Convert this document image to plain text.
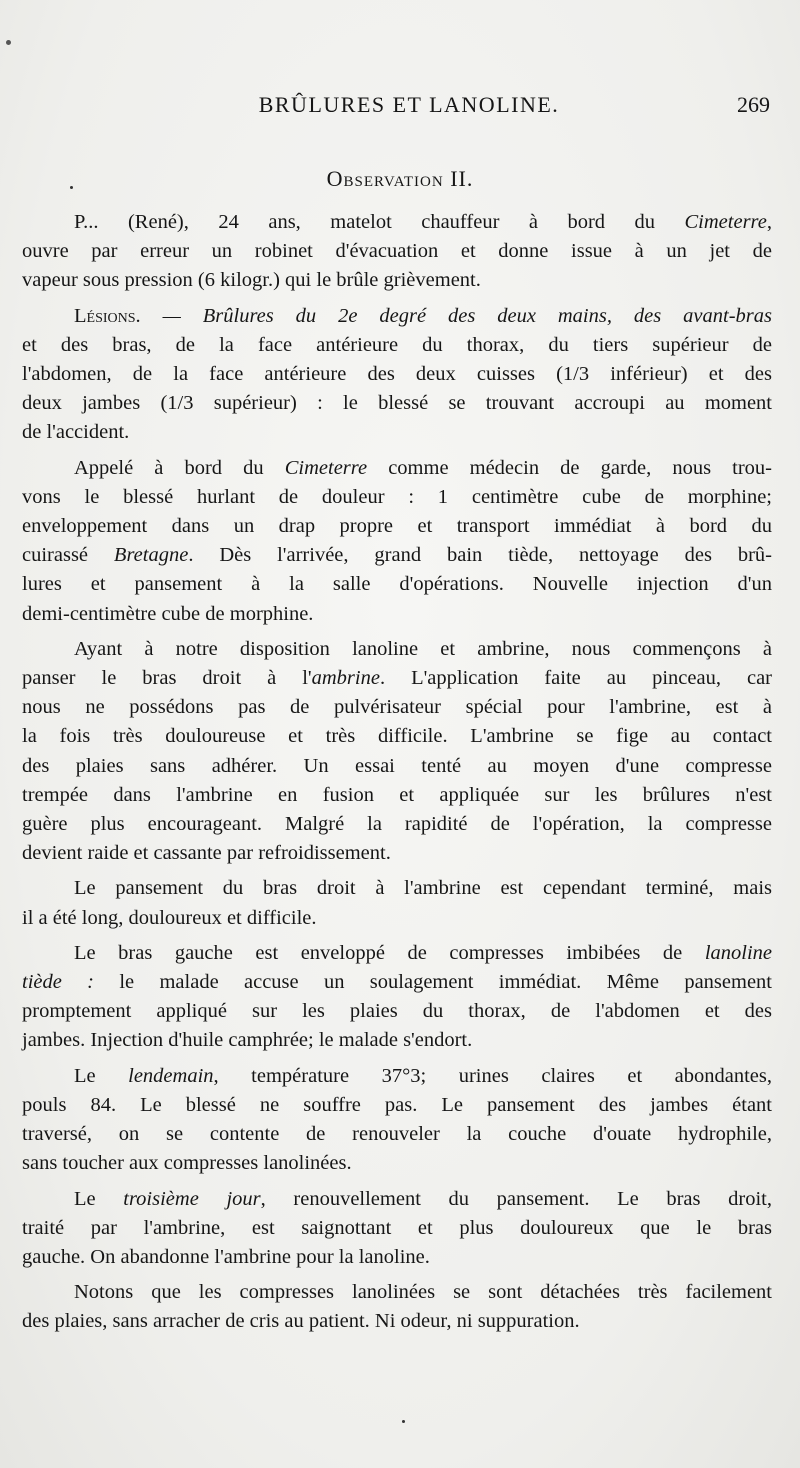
BRÛLURES ET LANOLINE.	269
Observation II.

P... (René), 24 ans, matelot chauffeur à bord du Cimeterre,
ouvre par erreur un robinet d'évacuation et donne issue à un jet de
vapeur sous pression (6 kilogr.) qui le brûle grièvement.

Lésions. — Brûlures du 2e degré des deux mains, des avant-bras
et des bras, de la face antérieure du thorax, du tiers supérieur de
l'abdomen, de la face antérieure des deux cuisses (1/3 inférieur) et des
deux jambes (1/3 supérieur) : le blessé se trouvant accroupi au moment
de l'accident.

Appelé à bord du Cimeterre comme médecin de garde, nous trou-
vons le blessé hurlant de douleur : 1 centimètre cube de morphine;
enveloppement dans un drap propre et transport immédiat à bord du
cuirassé Bretagne. Dès l'arrivée, grand bain tiède, nettoyage des brû-
lures et pansement à la salle d'opérations. Nouvelle injection d'un
demi-centimètre cube de morphine.

Ayant à notre disposition lanoline et ambrine, nous commençons à
panser le bras droit à l'ambrine. L'application faite au pinceau, car
nous ne possédons pas de pulvérisateur spécial pour l'ambrine, est à
la fois très douloureuse et très difficile. L'ambrine se fige au contact
des plaies sans adhérer. Un essai tenté au moyen d'une compresse
trempée dans l'ambrine en fusion et appliquée sur les brûlures n'est
guère plus encourageant. Malgré la rapidité de l'opération, la compresse
devient raide et cassante par refroidissement.

Le pansement du bras droit à l'ambrine est cependant terminé, mais
il a été long, douloureux et difficile.

Le bras gauche est enveloppé de compresses imbibées de lanoline
tiède : le malade accuse un soulagement immédiat. Même pansement
promptement appliqué sur les plaies du thorax, de l'abdomen et des
jambes. Injection d'huile camphrée; le malade s'endort.

Le lendemain, température 37°3; urines claires et abondantes,
pouls 84. Le blessé ne souffre pas. Le pansement des jambes étant
traversé, on se contente de renouveler la couche d'ouate hydrophile,
sans toucher aux compresses lanolinées.

Le troisième jour, renouvellement du pansement. Le bras droit,
traité par l'ambrine, est saignottant et plus douloureux que le bras
gauche. On abandonne l'ambrine pour la lanoline.

Notons que les compresses lanolinées se sont détachées très facilement
des plaies, sans arracher de cris au patient. Ni odeur, ni suppuration.
